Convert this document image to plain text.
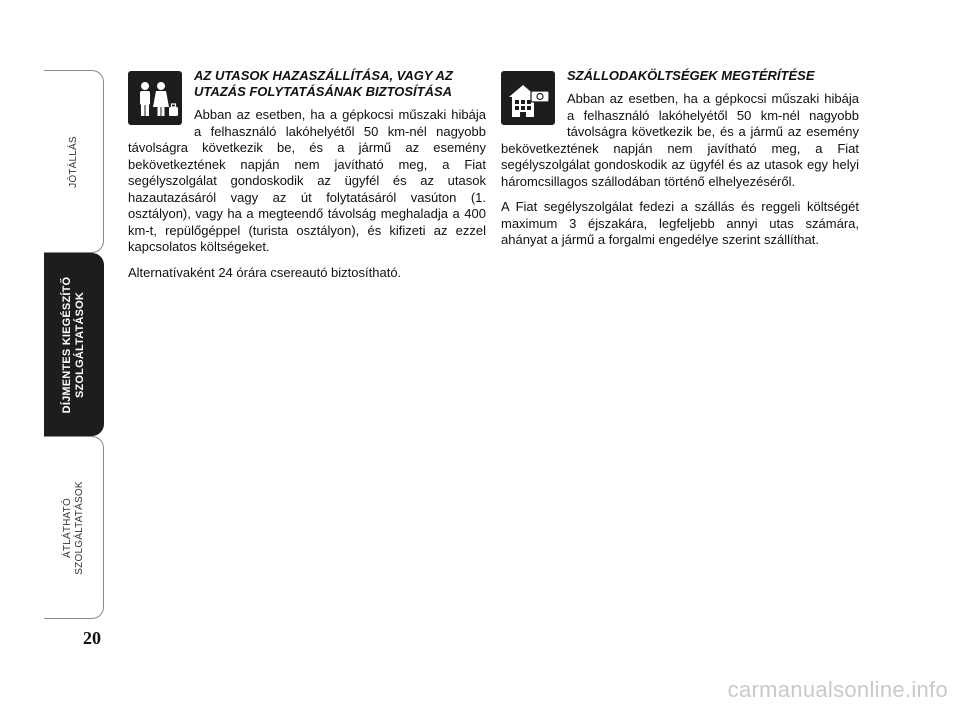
JÓTÁLLÁS
DÍJMENTES KIEGÉSZÍTŐ SZOLGÁLTATÁSOK
ÁTLÁTHATÓ SZOLGÁLTATÁSOK
20
AZ UTASOK HAZASZÁLLÍTÁSA, VAGY AZ UTAZÁS FOLYTATÁSÁNAK BIZTOSÍTÁSA

Abban az esetben, ha a gépkocsi műszaki hibája a felhasználó lakóhelyétől 50 km-nél nagyobb távolságra következik be, és a jármű az esemény bekövetkeztének napján nem javítható meg, a Fiat segélyszolgálat gondoskodik az ügyfél és az utasok hazautazásáról vagy az út folytatásáról vasúton (1. osztályon), vagy ha a megteendő távolság meghaladja a 400 km-t, repülőgéppel (turista osztályon), és kifizeti az ezzel kapcsolatos költségeket.

Alternatívaként 24 órára csereautó biztosítható.

SZÁLLODAKÖLTSÉGEK MEGTÉRÍTÉSE

Abban az esetben, ha a gépkocsi műszaki hibája a felhasználó lakóhelyétől 50 km-nél nagyobb távolságra következik be, és a jármű az esemény bekövetkeztének napján nem javítható meg, a Fiat segélyszolgálat gondoskodik az ügyfél és az utasok egy helyi háromcsillagos szállodában történő elhelyezéséről.

A Fiat segélyszolgálat fedezi a szállás és reggeli költségét maximum 3 éjszakára, legfeljebb annyi utas számára, ahányat a jármű a forgalmi engedélye szerint szállíthat.

carmanualsonline.info
